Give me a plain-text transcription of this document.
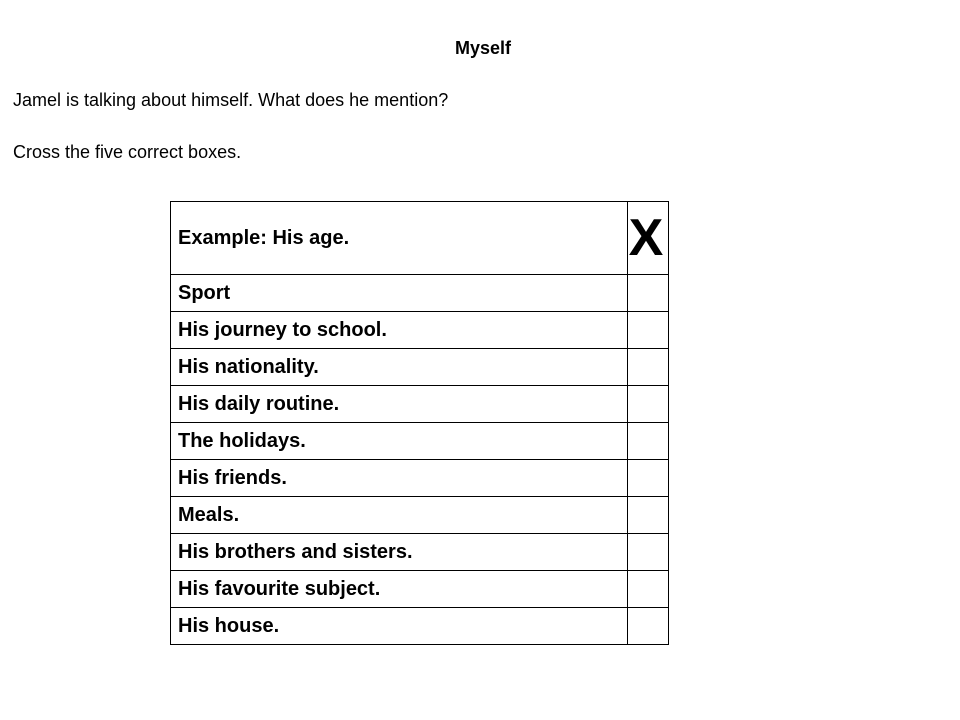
Myself
Jamel is talking about himself. What does he mention?
Cross the five correct boxes.
Example: His age.	X
Sport	
His journey to school.	
His nationality.	
His daily routine.	
The holidays.	
His friends.	
Meals.	
His brothers and sisters.	
His favourite subject.	
His house.	
